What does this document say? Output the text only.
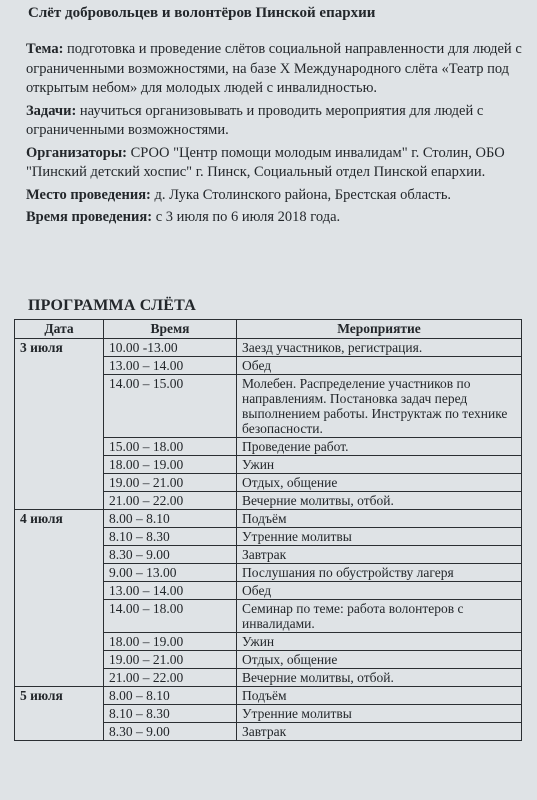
Слёт добровольцев и волонтёров Пинской епархии

Тема: подготовка и проведение слётов социальной направленности для людей с ограниченными возможностями, на базе X Международного слёта «Театр под открытым небом» для молодых людей с инвалидностью.

Задачи: научиться организовывать и проводить мероприятия для людей с ограниченными возможностями.

Организаторы: СРОО "Центр помощи молодым инвалидам" г. Столин, ОБО "Пинский детский хоспис" г. Пинск, Социальный отдел Пинской епархии.

Место проведения: д. Лука Столинского района, Брестская область.

Время проведения: с 3 июля по 6 июля 2018 года.

ПРОГРАММА СЛЁТА
Дата	Время	Мероприятие
3 июля	10.00 -13.00	Заезд участников, регистрация.
	13.00 – 14.00	Обед
	14.00 – 15.00	Молебен. Распределение участников по направлениям. Постановка задач перед выполнением работы. Инструктаж по технике безопасности.
	15.00 – 18.00	Проведение работ.
	18.00 – 19.00	Ужин
	19.00 – 21.00	Отдых, общение
	21.00 – 22.00	Вечерние молитвы, отбой.
4 июля	8.00 – 8.10	Подъём
	8.10 – 8.30	Утренние молитвы
	8.30 – 9.00	Завтрак
	9.00 – 13.00	Послушания по обустройству лагеря
	13.00 – 14.00	Обед
	14.00 – 18.00	Семинар по теме: работа волонтеров с инвалидами.
	18.00 – 19.00	Ужин
	19.00 – 21.00	Отдых, общение
	21.00 – 22.00	Вечерние молитвы, отбой.
5 июля	8.00 – 8.10	Подъём
	8.10 – 8.30	Утренние молитвы
	8.30 – 9.00	Завтрак
